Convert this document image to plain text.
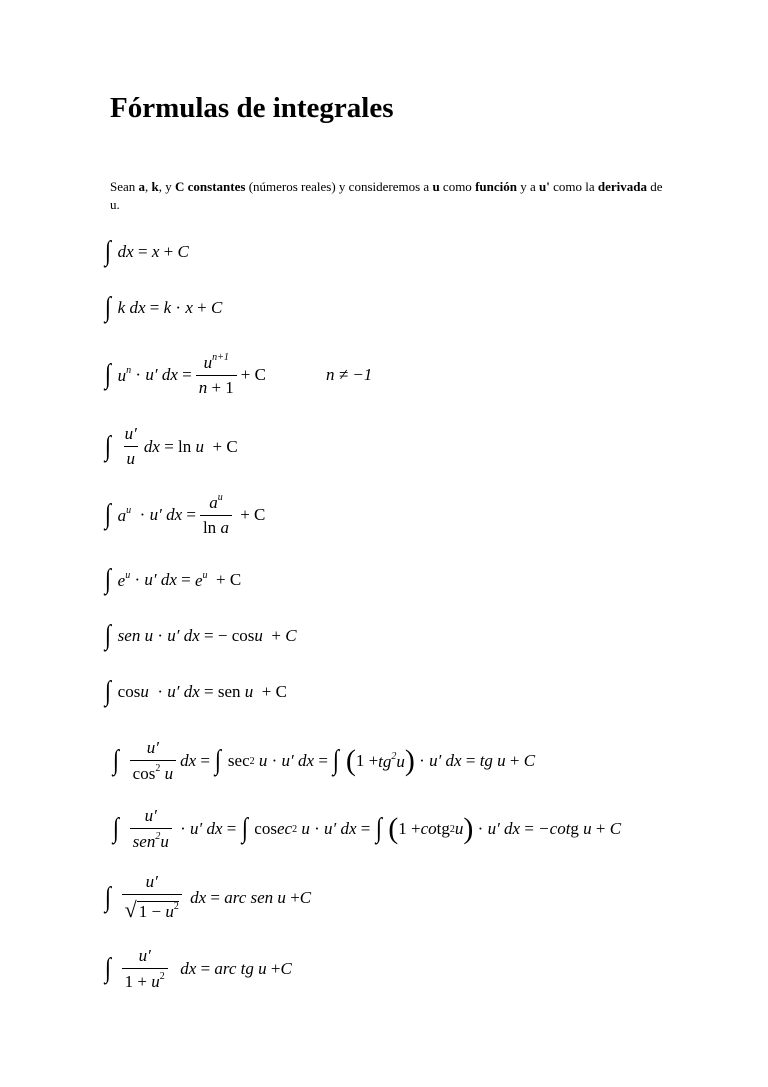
Fórmulas de integrales
Sean a, k, y C constantes (números reales) y consideremos a u como función y a u' como la derivada de u.
∫ dx = x + C
∫ k dx = k · x + C
∫ $u^n \cdot u'$ dx = $\frac{u^{n+1}}{n + 1} + C$	n ≠ −1
∫ $\frac{u'}{u}$ dx = ln u + C
∫ $a^u \cdot u'$ dx = $\frac{a^u}{\text{ln a}} + C$
∫ $e^u \cdot u'$ dx = $e^u + C$
∫ sen u · u′ dx = − cos u + C
∫ cos u · u′ dx = sen u + C
∫ $\frac{u'}{\cos^2 u}$ dx = ∫ sec 2
u · u′ dx = ∫ ( $1 + tg^2u$ ) · u′ dx = tg u + C
∫ $\frac{u'}{sen^2u} \cdot u'$ dx = ∫ cos ec 2
u · u′ dx = ∫ ( 1 + co tg 2 u ) · u′ dx = −cot g u + C
∫ $\frac{u'}{√ 1 - u^2}$
dx = arc sen u + C
∫ $\frac{u'}{1 + u^2}$
dx = arc tg u + C
